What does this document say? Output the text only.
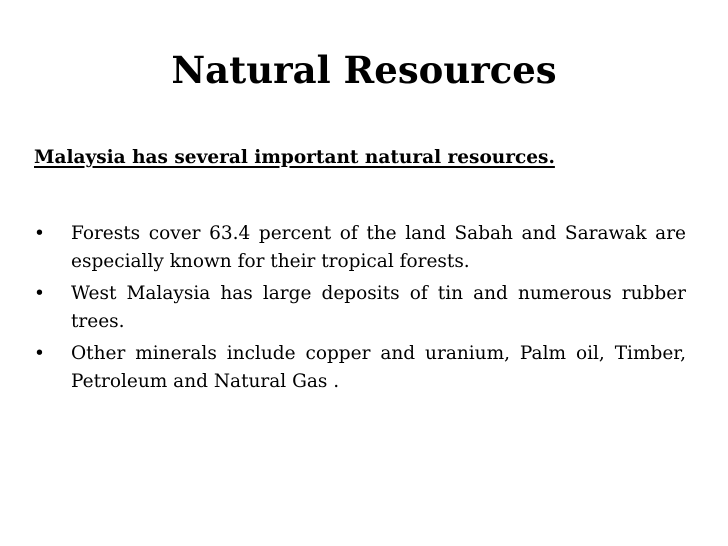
Natural Resources
Malaysia has several important natural resources.
•	Forests cover 63.4 percent of the land Sabah and Sarawak are especially known for their tropical forests.
•	West Malaysia has large deposits of tin and numerous rubber trees.
•	Other minerals include copper and uranium, Palm oil, Timber, Petroleum and Natural Gas .
